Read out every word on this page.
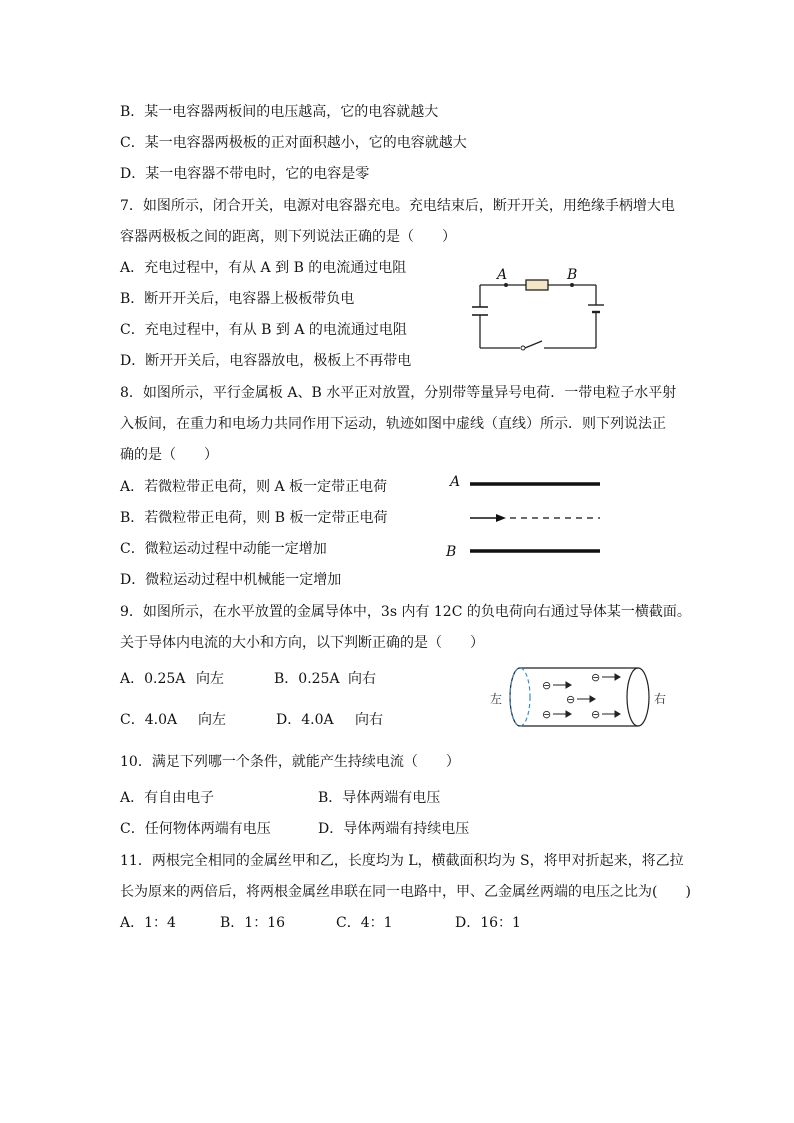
B．某一电容器两板间的电压越高，它的电容就越大
C．某一电容器两极板的正对面积越小，它的电容就越大
D．某一电容器不带电时，它的电容是零
7．如图所示，闭合开关，电源对电容器充电。充电结束后，断开开关，用绝缘手柄增大电
容器两极板之间的距离，则下列说法正确的是（　　）
A．充电过程中，有从 A 到 B 的电流通过电阻
B．断开开关后，电容器上极板带负电
C．充电过程中，有从 B 到 A 的电流通过电阻
D．断开开关后，电容器放电，极板上不再带电
A	B
8．如图所示，平行金属板 A、B 水平正对放置，分别带等量异号电荷．一带电粒子水平射
入板间，在重力和电场力共同作用下运动，轨迹如图中虚线（直线）所示．则下列说法正
确的是（　　）
A．若微粒带正电荷，则 A 板一定带正电荷
B．若微粒带正电荷，则 B 板一定带正电荷
C．微粒运动过程中动能一定增加
D．微粒运动过程中机械能一定增加
A
B
9．如图所示，在水平放置的金属导体中，3s 内有 12C 的负电荷向右通过导体某一横截面。
关于导体内电流的大小和方向，以下判断正确的是（　　）
A．0.25A 向左	B．0.25A 向右
C．4.0A 向左	D．4.0A 向右
左	右
⊖
⊖
⊖
⊖	⊖
10．满足下列哪一个条件，就能产生持续电流（　　）
A．有自由电子	B．导体两端有电压
C．任何物体两端有电压	D．导体两端有持续电压
11．两根完全相同的金属丝甲和乙，长度均为 L，横截面积均为 S，将甲对折起来，将乙拉
长为原来的两倍后，将两根金属丝串联在同一电路中，甲、乙金属丝两端的电压之比为(　　)
A．1：4	B．1：16	C．4：1	D．16：1
